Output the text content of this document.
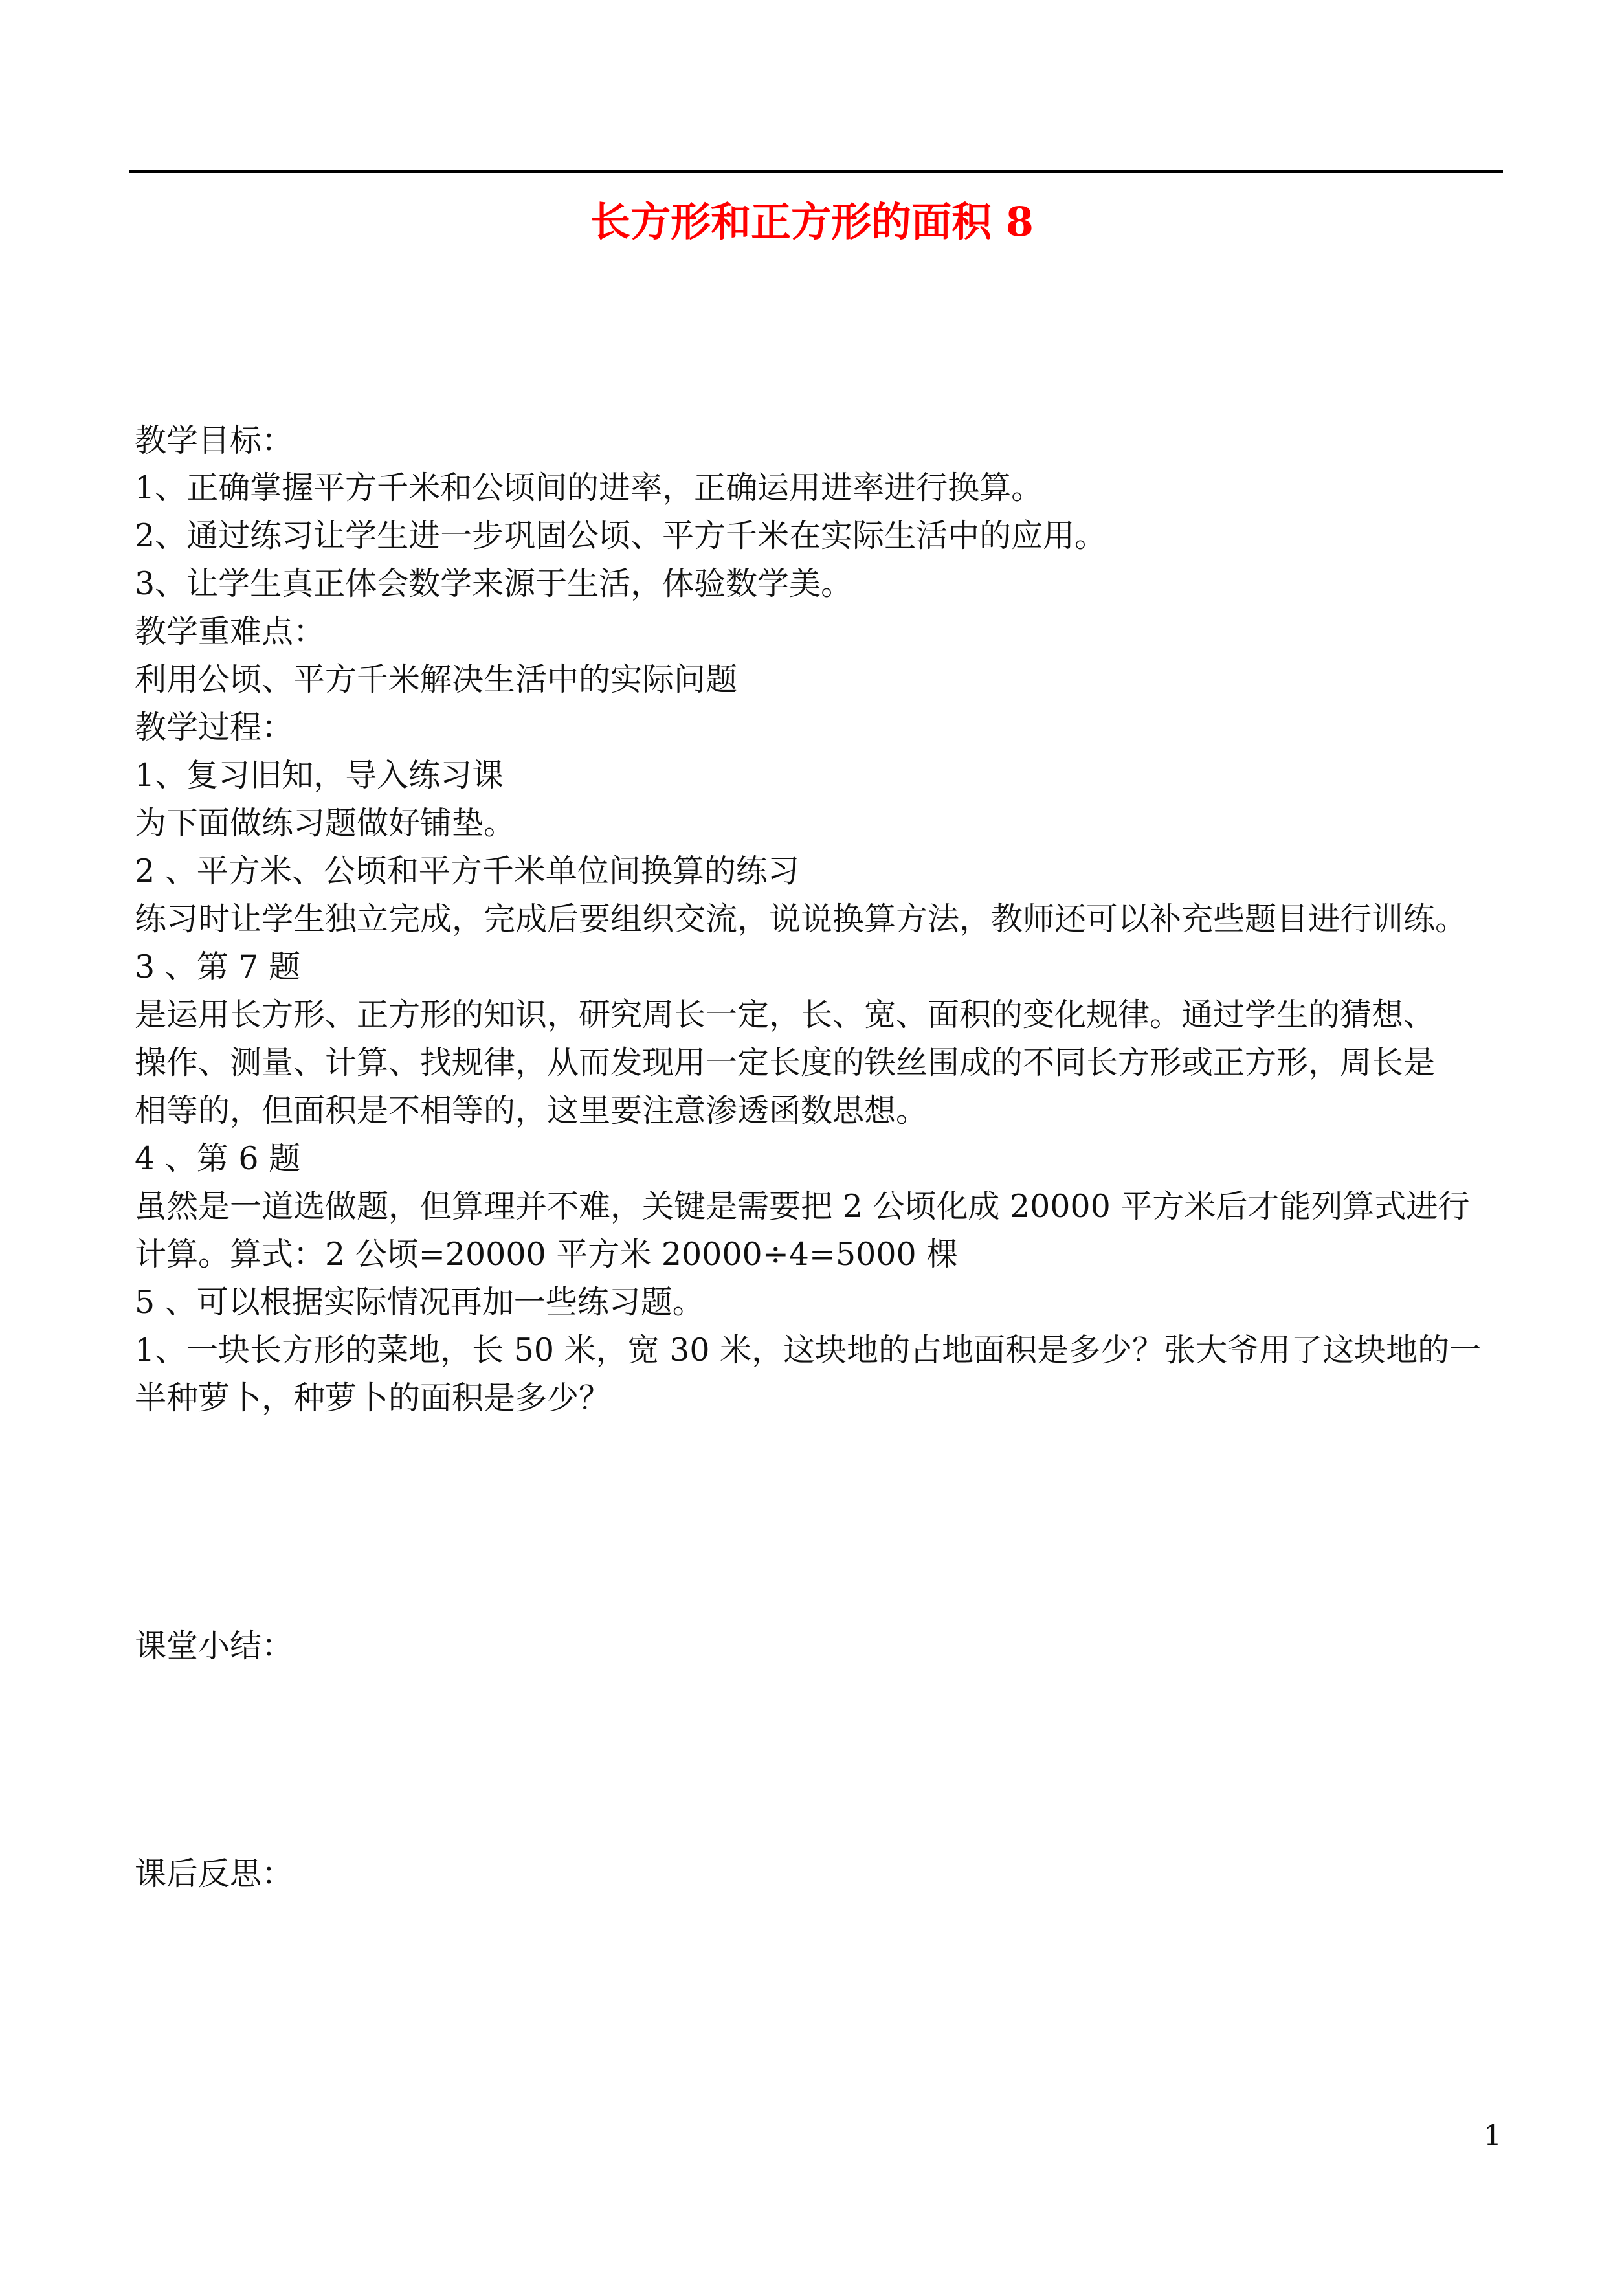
长方形和正方形的面积 8
教学目标：
1、正确掌握平方千米和公顷间的进率，正确运用进率进行换算。
2、通过练习让学生进一步巩固公顷、平方千米在实际生活中的应用。
3、让学生真正体会数学来源于生活，体验数学美。
教学重难点：
利用公顷、平方千米解决生活中的实际问题
教学过程：
1、复习旧知，导入练习课
为下面做练习题做好铺垫。
2 、平方米、公顷和平方千米单位间换算的练习
练习时让学生独立完成，完成后要组织交流，说说换算方法，教师还可以补充些题目进行训练。
3 、第 7 题
是运用长方形、正方形的知识，研究周长一定，长、宽、面积的变化规律。通过学生的猜想、
操作、测量、计算、找规律，从而发现用一定长度的铁丝围成的不同长方形或正方形，周长是
相等的，但面积是不相等的，这里要注意渗透函数思想。
4 、第 6 题
虽然是一道选做题，但算理并不难，关键是需要把 2 公顷化成 20000 平方米后才能列算式进行
计算。算式：2 公顷=20000 平方米 20000÷4=5000 棵
5 、可以根据实际情况再加一些练习题。
1、一块长方形的菜地，长 50 米，宽 30 米，这块地的占地面积是多少？张大爷用了这块地的一
半种萝卜，种萝卜的面积是多少？
课堂小结：
课后反思：
1
